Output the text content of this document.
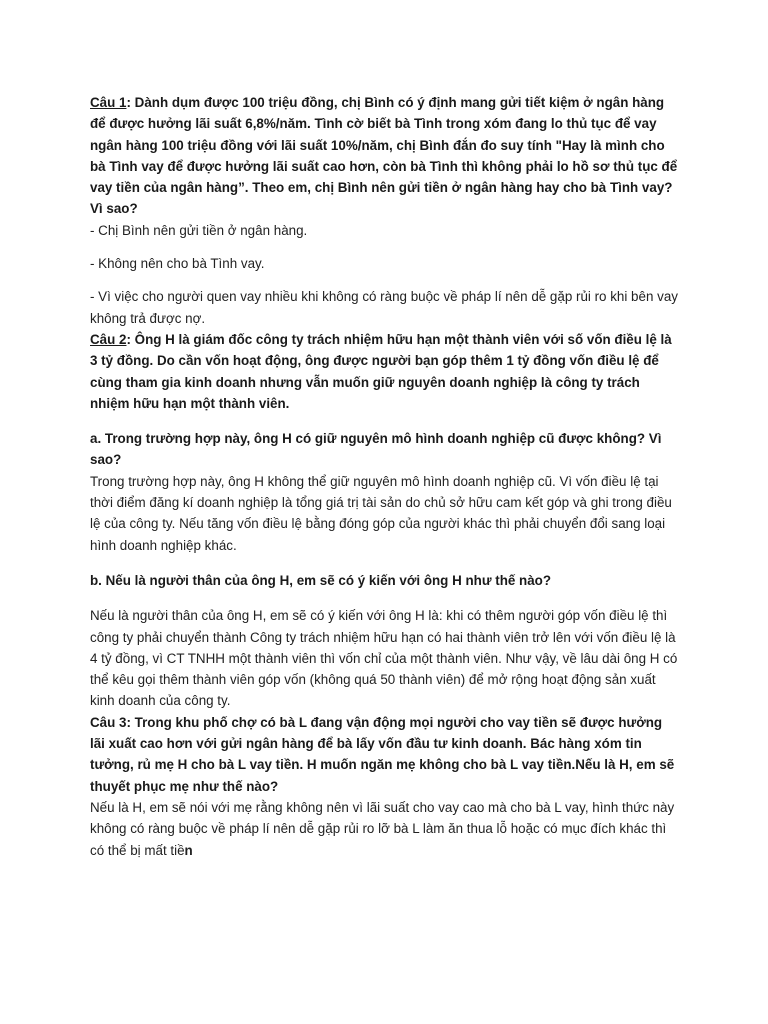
Câu 1: Dành dụm được 100 triệu đồng, chị Bình có ý định mang gửi tiết kiệm ở ngân hàng để được hưởng lãi suất 6,8%/năm. Tình cờ biết bà Tình trong xóm đang lo thủ tục để vay ngân hàng 100 triệu đồng với lãi suất 10%/năm, chị Bình đắn đo suy tính "Hay là mình cho bà Tình vay để được hưởng lãi suất cao hơn, còn bà Tình thì không phải lo hồ sơ thủ tục để vay tiền của ngân hàng”. Theo em, chị Bình nên gửi tiền ở ngân hàng hay cho bà Tình vay? Vì sao?

- Chị Bình nên gửi tiền ở ngân hàng.

- Không nên cho bà Tình vay.

- Vì việc cho người quen vay nhiều khi không có ràng buộc về pháp lí nên dễ gặp rủi ro khi bên vay không trả được nợ.

Câu 2: Ông H là giám đốc công ty trách nhiệm hữu hạn một thành viên với số vốn điều lệ là 3 tỷ đồng. Do cần vốn hoạt động, ông được người bạn góp thêm 1 tỷ đồng vốn điều lệ để cùng tham gia kinh doanh nhưng vẫn muốn giữ nguyên doanh nghiệp là công ty trách nhiệm hữu hạn một thành viên.

a. Trong trường hợp này, ông H có giữ nguyên mô hình doanh nghiệp cũ được không? Vì sao?

Trong trường hợp này, ông H không thể giữ nguyên mô hình doanh nghiệp cũ. Vì vốn điều lệ tại thời điểm đăng kí doanh nghiệp là tổng giá trị tài sản do chủ sở hữu cam kết góp và ghi trong điều lệ của công ty. Nếu tăng vốn điều lệ bằng đóng góp của người khác thì phải chuyển đổi sang loại hình doanh nghiệp khác.

b. Nếu là người thân của ông H, em sẽ có ý kiến với ông H như thế nào?

Nếu là người thân của ông H, em sẽ có ý kiến với ông H là: khi có thêm người góp vốn điều lệ thì công ty phải chuyển thành Công ty trách nhiệm hữu hạn có hai thành viên trở lên với vốn điều lệ là 4 tỷ đồng, vì CT TNHH một thành viên thì vốn chỉ của một thành viên. Như vậy, về lâu dài ông H có thể kêu gọi thêm thành viên góp vốn (không quá 50 thành viên) để mở rộng hoạt động sản xuất kinh doanh của công ty.

Câu 3: Trong khu phố chợ có bà L đang vận động mọi người cho vay tiền sẽ được hưởng lãi xuất cao hơn với gửi ngân hàng để bà lấy vốn đầu tư kinh doanh. Bác hàng xóm tin tưởng, rủ mẹ H cho bà L vay tiền. H muốn ngăn mẹ không cho bà L vay tiền.Nếu là H, em sẽ thuyết phục mẹ như thế nào?

Nếu là H, em sẽ nói với mẹ rằng không nên vì lãi suất cho vay cao mà cho bà L vay, hình thức này không có ràng buộc về pháp lí nên dễ gặp rủi ro lỡ bà L làm ăn thua lỗ hoặc có mục đích khác thì có thể bị mất tiền
